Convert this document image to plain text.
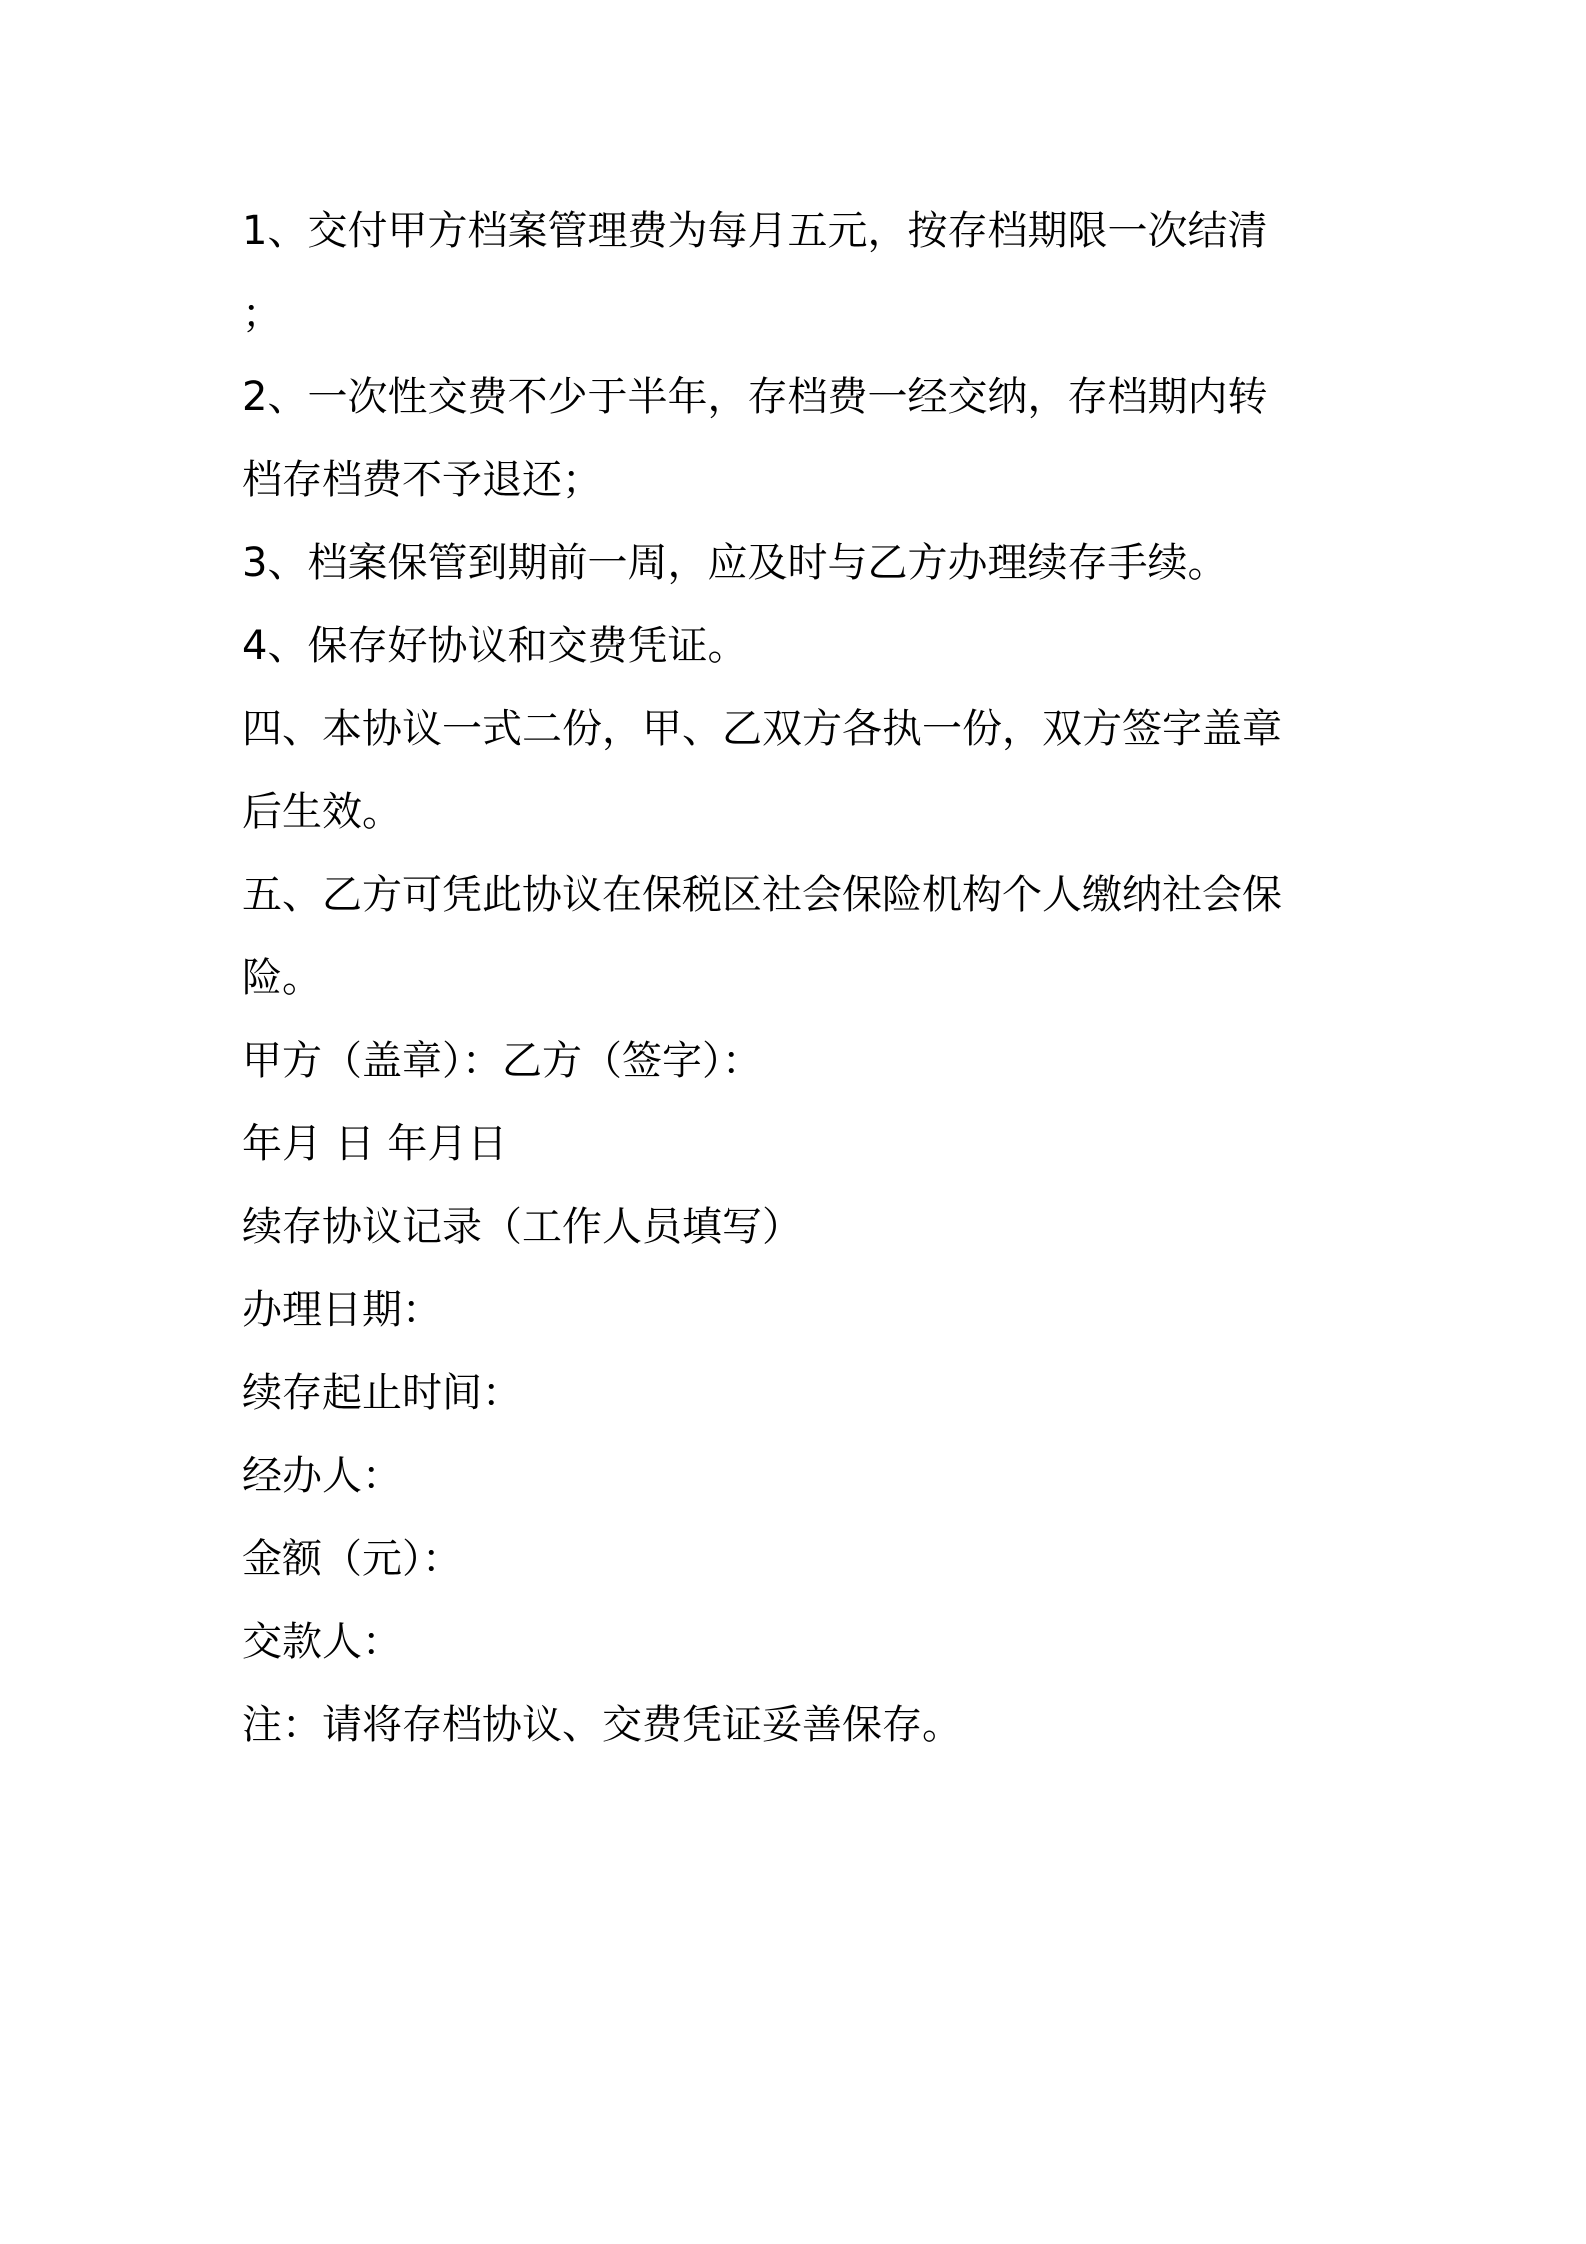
1、交付甲方档案管理费为每月五元，按存档期限一次结清

；

2、一次性交费不少于半年，存档费一经交纳，存档期内转

档存档费不予退还；

3、档案保管到期前一周，应及时与乙方办理续存手续。

4、保存好协议和交费凭证。

四、本协议一式二份，甲、乙双方各执一份，双方签字盖章

后生效。

五、乙方可凭此协议在保税区社会保险机构个人缴纳社会保

险。

甲方（盖章）：乙方（签字）：

年月 日 年月日

续存协议记录（工作人员填写）

办理日期：

续存起止时间：

经办人：

金额（元）：

交款人：

注：请将存档协议、交费凭证妥善保存。
